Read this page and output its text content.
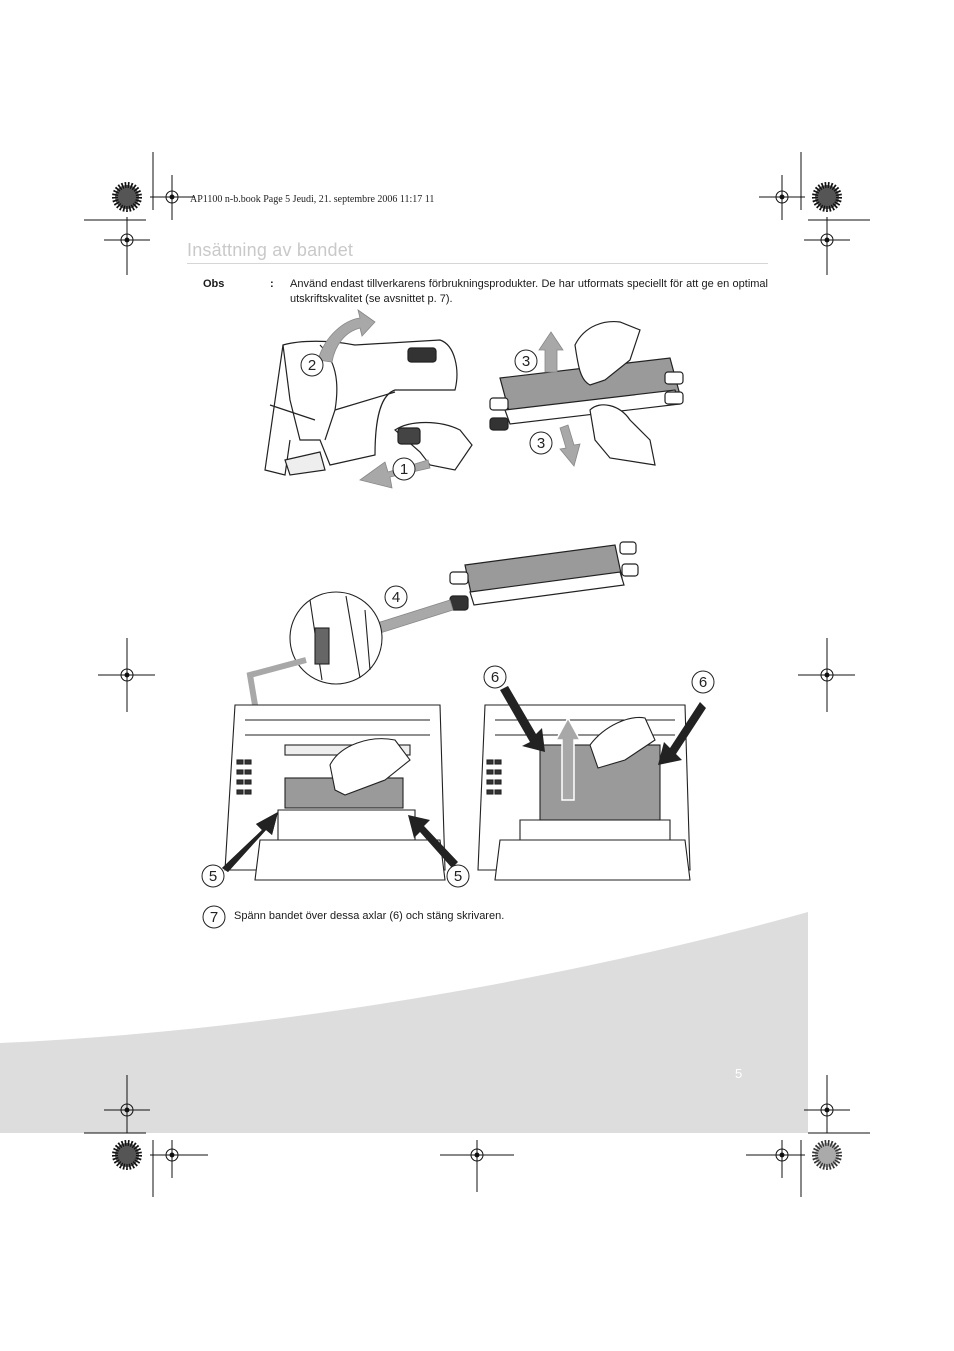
1
2	3
3
4
5	5
6	6
7
AP1100 n-b.book Page 5 Jeudi, 21. septembre 2006 11:17 11
Insättning av bandet
Obs	: Använd endast tillverkarens förbrukningsprodukter. De har utformats speciellt för att ge en optimal utskriftskvalitet (se avsnittet p. 7).
Spänn bandet över dessa axlar (6) och stäng skrivaren.
5
